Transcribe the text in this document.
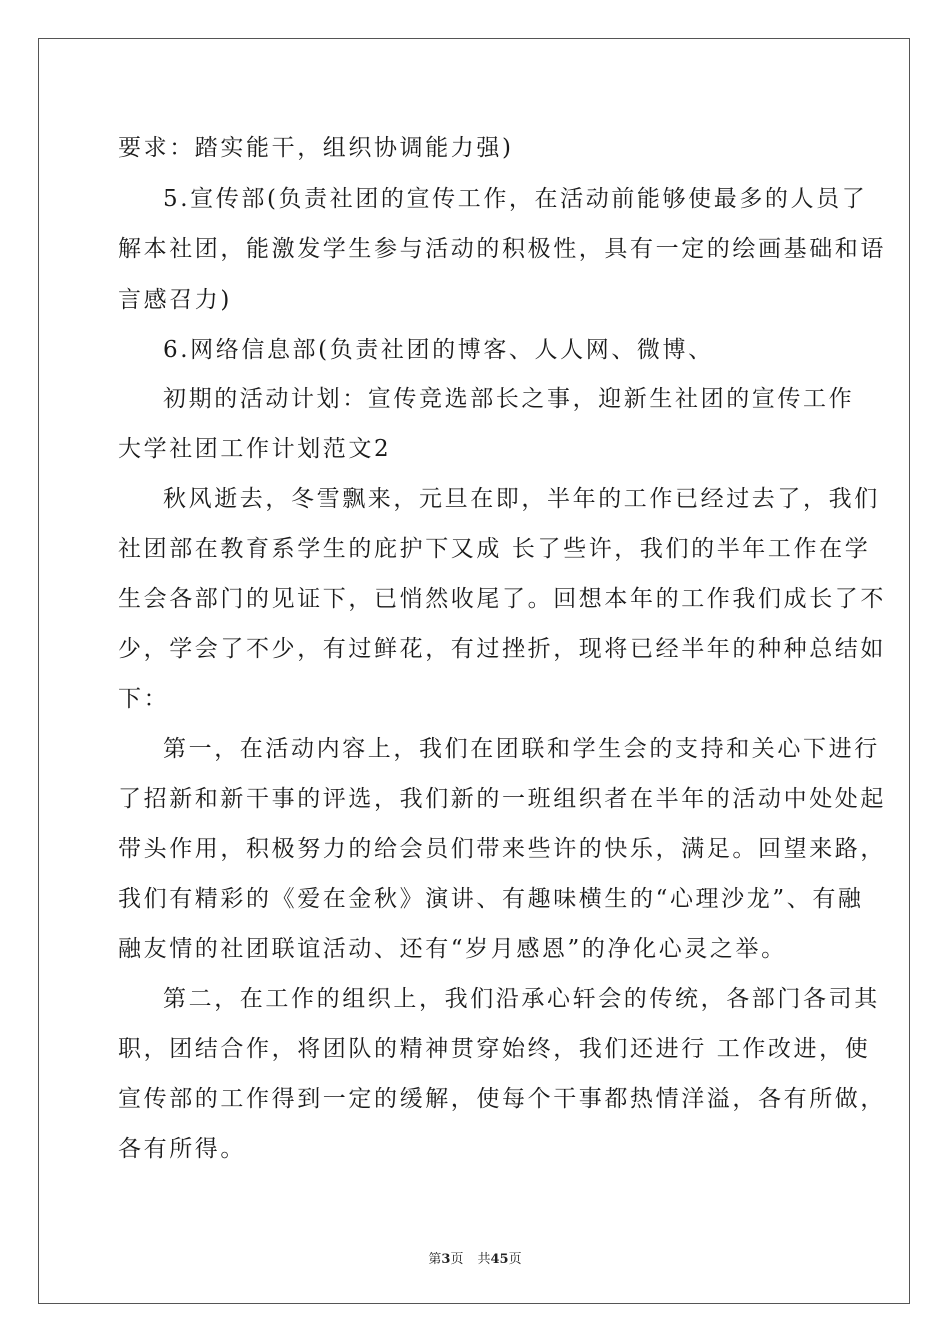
要求：踏实能干，组织协调能力强)
5.宣传部(负责社团的宣传工作，在活动前能够使最多的人员了
解本社团，能激发学生参与活动的积极性，具有一定的绘画基础和语
言感召力)
6.网络信息部(负责社团的博客、人人网、微博、
初期的活动计划：宣传竞选部长之事，迎新生社团的宣传工作
大学社团工作计划范文2
秋风逝去，冬雪飘来，元旦在即，半年的工作已经过去了，我们
社团部在教育系学生的庇护下又成 长了些许，我们的半年工作在学
生会各部门的见证下，已悄然收尾了。回想本年的工作我们成长了不
少，学会了不少，有过鲜花，有过挫折，现将已经半年的种种总结如
下：
第一，在活动内容上，我们在团联和学生会的支持和关心下进行
了招新和新干事的评选，我们新的一班组织者在半年的活动中处处起
带头作用，积极努力的给会员们带来些许的快乐，满足。回望来路，
我们有精彩的《爱在金秋》演讲、有趣味横生的“心理沙龙”、有融
融友情的社团联谊活动、还有“岁月感恩”的净化心灵之举。
第二，在工作的组织上，我们沿承心轩会的传统，各部门各司其
职，团结合作，将团队的精神贯穿始终，我们还进行 工作改进，使
宣传部的工作得到一定的缓解，使每个干事都热情洋溢，各有所做，
各有所得。
第3页 共45页
